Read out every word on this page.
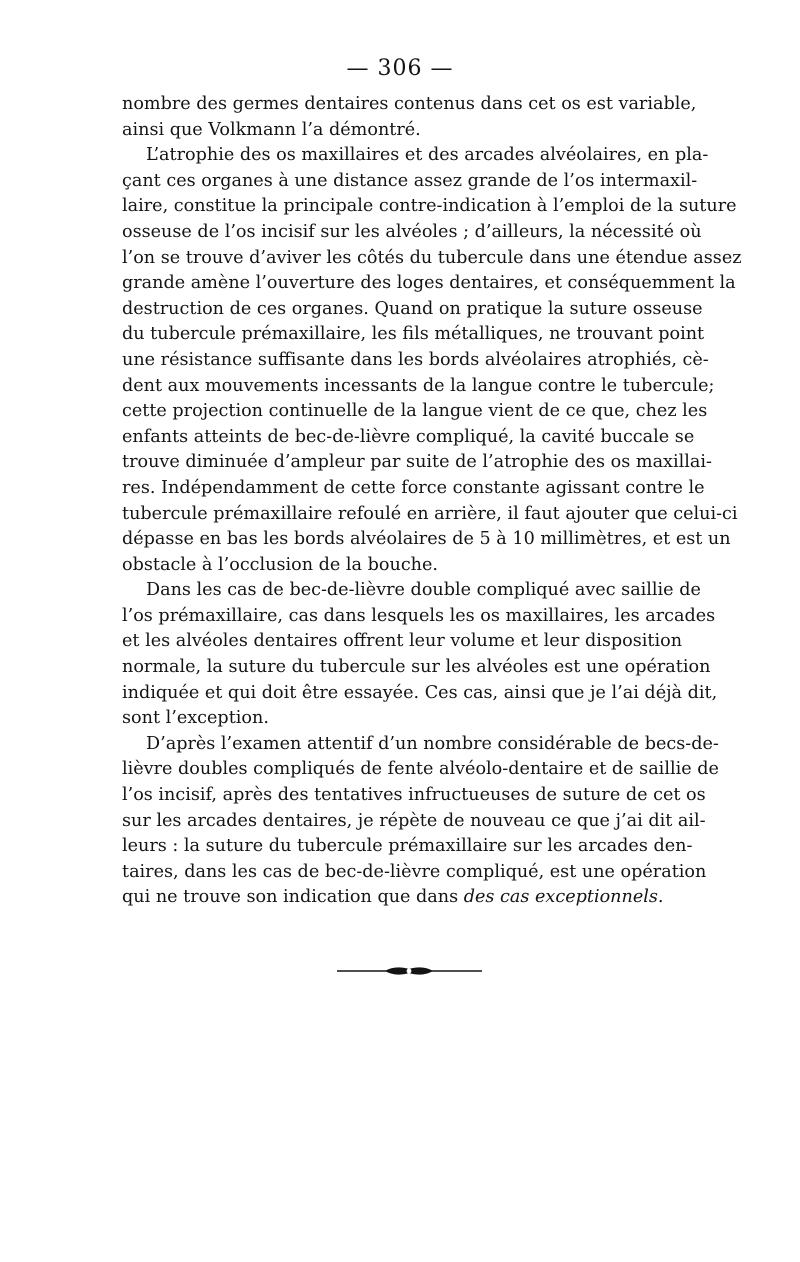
— 306 —
nombre des germes dentaires contenus dans cet os est variable,
ainsi que Volkmann l’a démontré.
L’atrophie des os maxillaires et des arcades alvéolaires, en pla-
çant ces organes à une distance assez grande de l’os intermaxil-
laire, constitue la principale contre-indication à l’emploi de la suture
osseuse de l’os incisif sur les alvéoles ; d’ailleurs, la nécessité où
l’on se trouve d’aviver les côtés du tubercule dans une étendue assez
grande amène l’ouverture des loges dentaires, et conséquemment la
destruction de ces organes. Quand on pratique la suture osseuse
du tubercule prémaxillaire, les fils métalliques, ne trouvant point
une résistance suffisante dans les bords alvéolaires atrophiés, cè-
dent aux mouvements incessants de la langue contre le tubercule;
cette projection continuelle de la langue vient de ce que, chez les
enfants atteints de bec-de-lièvre compliqué, la cavité buccale se
trouve diminuée d’ampleur par suite de l’atrophie des os maxillai-
res. Indépendamment de cette force constante agissant contre le
tubercule prémaxillaire refoulé en arrière, il faut ajouter que celui-ci
dépasse en bas les bords alvéolaires de 5 à 10 millimètres, et est un
obstacle à l’occlusion de la bouche.
Dans les cas de bec-de-lièvre double compliqué avec saillie de
l’os prémaxillaire, cas dans lesquels les os maxillaires, les arcades
et les alvéoles dentaires offrent leur volume et leur disposition
normale, la suture du tubercule sur les alvéoles est une opération
indiquée et qui doit être essayée. Ces cas, ainsi que je l’ai déjà dit,
sont l’exception.
D’après l’examen attentif d’un nombre considérable de becs-de-
lièvre doubles compliqués de fente alvéolo-dentaire et de saillie de
l’os incisif, après des tentatives infructueuses de suture de cet os
sur les arcades dentaires, je répète de nouveau ce que j’ai dit ail-
leurs : la suture du tubercule prémaxillaire sur les arcades den-
taires, dans les cas de bec-de-lièvre compliqué, est une opération
qui ne trouve son indication que dans des cas exceptionnels.
